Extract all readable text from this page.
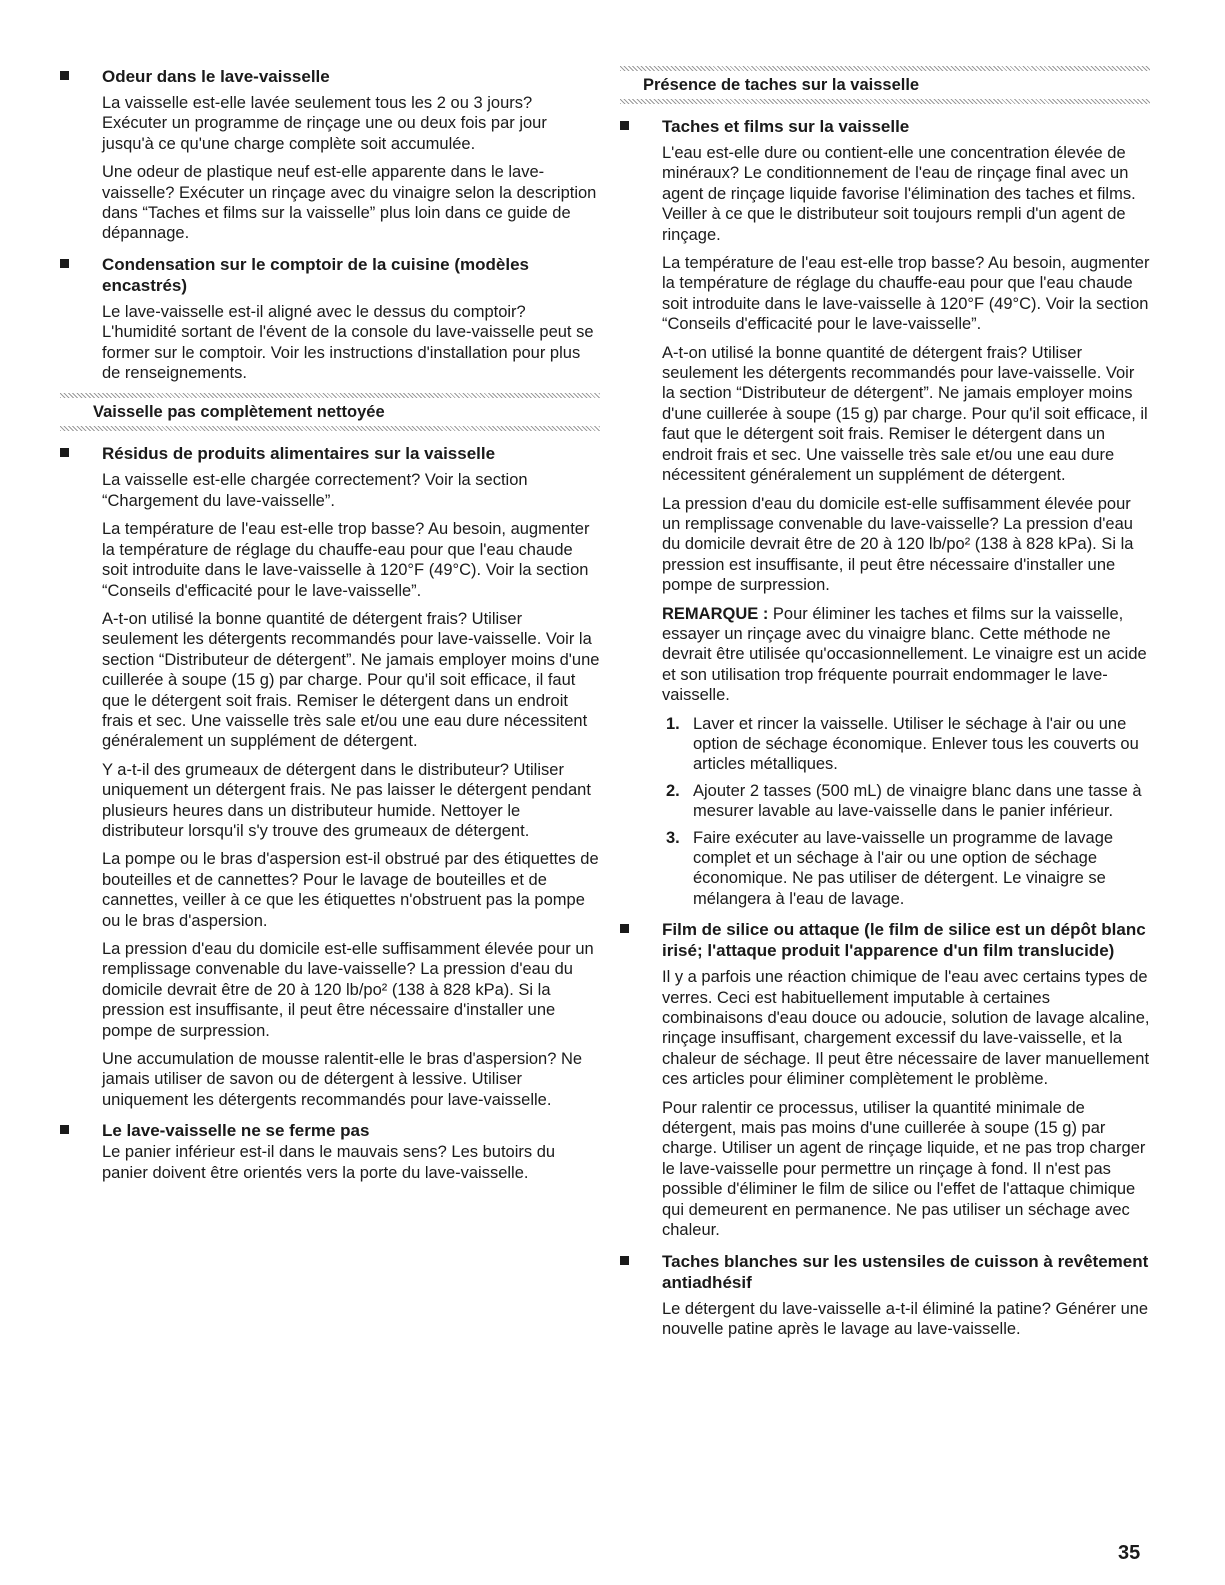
Odeur dans le lave-vaisselle

La vaisselle est-elle lavée seulement tous les 2 ou 3 jours? Exécuter un programme de rinçage une ou deux fois par jour jusqu'à ce qu'une charge complète soit accumulée.

Une odeur de plastique neuf est-elle apparente dans le lave-vaisselle? Exécuter un rinçage avec du vinaigre selon la description dans “Taches et films sur la vaisselle” plus loin dans ce guide de dépannage.

Condensation sur le comptoir de la cuisine (modèles encastrés)

Le lave-vaisselle est-il aligné avec le dessus du comptoir? L'humidité sortant de l'évent de la console du lave-vaisselle peut se former sur le comptoir. Voir les instructions d'installation pour plus de renseignements.

Vaisselle pas complètement nettoyée
Résidus de produits alimentaires sur la vaisselle

La vaisselle est-elle chargée correctement? Voir la section “Chargement du lave-vaisselle”.

La température de l'eau est-elle trop basse? Au besoin, augmenter la température de réglage du chauffe-eau pour que l'eau chaude soit introduite dans le lave-vaisselle à 120°F (49°C). Voir la section “Conseils d'efficacité pour le lave-vaisselle”.

A-t-on utilisé la bonne quantité de détergent frais? Utiliser seulement les détergents recommandés pour lave-vaisselle. Voir la section “Distributeur de détergent”. Ne jamais employer moins d'une cuillerée à soupe (15 g) par charge. Pour qu'il soit efficace, il faut que le détergent soit frais. Remiser le détergent dans un endroit frais et sec. Une vaisselle très sale et/ou une eau dure nécessitent généralement un supplément de détergent.

Y a-t-il des grumeaux de détergent dans le distributeur? Utiliser uniquement un détergent frais. Ne pas laisser le détergent pendant plusieurs heures dans un distributeur humide. Nettoyer le distributeur lorsqu'il s'y trouve des grumeaux de détergent.

La pompe ou le bras d'aspersion est-il obstrué par des étiquettes de bouteilles et de cannettes? Pour le lavage de bouteilles et de cannettes, veiller à ce que les étiquettes n'obstruent pas la pompe ou le bras d'aspersion.

La pression d'eau du domicile est-elle suffisamment élevée pour un remplissage convenable du lave-vaisselle? La pression d'eau du domicile devrait être de 20 à 120 lb/po² (138 à 828 kPa). Si la pression est insuffisante, il peut être nécessaire d'installer une pompe de surpression.

Une accumulation de mousse ralentit-elle le bras d'aspersion? Ne jamais utiliser de savon ou de détergent à lessive. Utiliser uniquement les détergents recommandés pour lave-vaisselle.

Le lave-vaisselle ne se ferme pas

Le panier inférieur est-il dans le mauvais sens? Les butoirs du panier doivent être orientés vers la porte du lave-vaisselle.

Présence de taches sur la vaisselle
Taches et films sur la vaisselle

L'eau est-elle dure ou contient-elle une concentration élevée de minéraux? Le conditionnement de l'eau de rinçage final avec un agent de rinçage liquide favorise l'élimination des taches et films. Veiller à ce que le distributeur soit toujours rempli d'un agent de rinçage.

La température de l'eau est-elle trop basse? Au besoin, augmenter la température de réglage du chauffe-eau pour que l'eau chaude soit introduite dans le lave-vaisselle à 120°F (49°C). Voir la section “Conseils d'efficacité pour le lave-vaisselle”.

A-t-on utilisé la bonne quantité de détergent frais? Utiliser seulement les détergents recommandés pour lave-vaisselle. Voir la section “Distributeur de détergent”. Ne jamais employer moins d'une cuillerée à soupe (15 g) par charge. Pour qu'il soit efficace, il faut que le détergent soit frais. Remiser le détergent dans un endroit frais et sec. Une vaisselle très sale et/ou une eau dure nécessitent généralement un supplément de détergent.

La pression d'eau du domicile est-elle suffisamment élevée pour un remplissage convenable du lave-vaisselle? La pression d'eau du domicile devrait être de 20 à 120 lb/po² (138 à 828 kPa). Si la pression est insuffisante, il peut être nécessaire d'installer une pompe de surpression.

REMARQUE : Pour éliminer les taches et films sur la vaisselle, essayer un rinçage avec du vinaigre blanc. Cette méthode ne devrait être utilisée qu'occasionnellement. Le vinaigre est un acide et son utilisation trop fréquente pourrait endommager le lave-vaisselle.

1. Laver et rincer la vaisselle. Utiliser le séchage à l'air ou une option de séchage économique. Enlever tous les couverts ou articles métalliques.
2. Ajouter 2 tasses (500 mL) de vinaigre blanc dans une tasse à mesurer lavable au lave-vaisselle dans le panier inférieur.
3. Faire exécuter au lave-vaisselle un programme de lavage complet et un séchage à l'air ou une option de séchage économique. Ne pas utiliser de détergent. Le vinaigre se mélangera à l'eau de lavage.
Film de silice ou attaque (le film de silice est un dépôt blanc irisé; l'attaque produit l'apparence d'un film translucide)

Il y a parfois une réaction chimique de l'eau avec certains types de verres. Ceci est habituellement imputable à certaines combinaisons d'eau douce ou adoucie, solution de lavage alcaline, rinçage insuffisant, chargement excessif du lave-vaisselle, et la chaleur de séchage. Il peut être nécessaire de laver manuellement ces articles pour éliminer complètement le problème.

Pour ralentir ce processus, utiliser la quantité minimale de détergent, mais pas moins d'une cuillerée à soupe (15 g) par charge. Utiliser un agent de rinçage liquide, et ne pas trop charger le lave-vaisselle pour permettre un rinçage à fond. Il n'est pas possible d'éliminer le film de silice ou l'effet de l'attaque chimique qui demeurent en permanence. Ne pas utiliser un séchage avec chaleur.

Taches blanches sur les ustensiles de cuisson à revêtement antiadhésif

Le détergent du lave-vaisselle a-t-il éliminé la patine? Générer une nouvelle patine après le lavage au lave-vaisselle.

35
